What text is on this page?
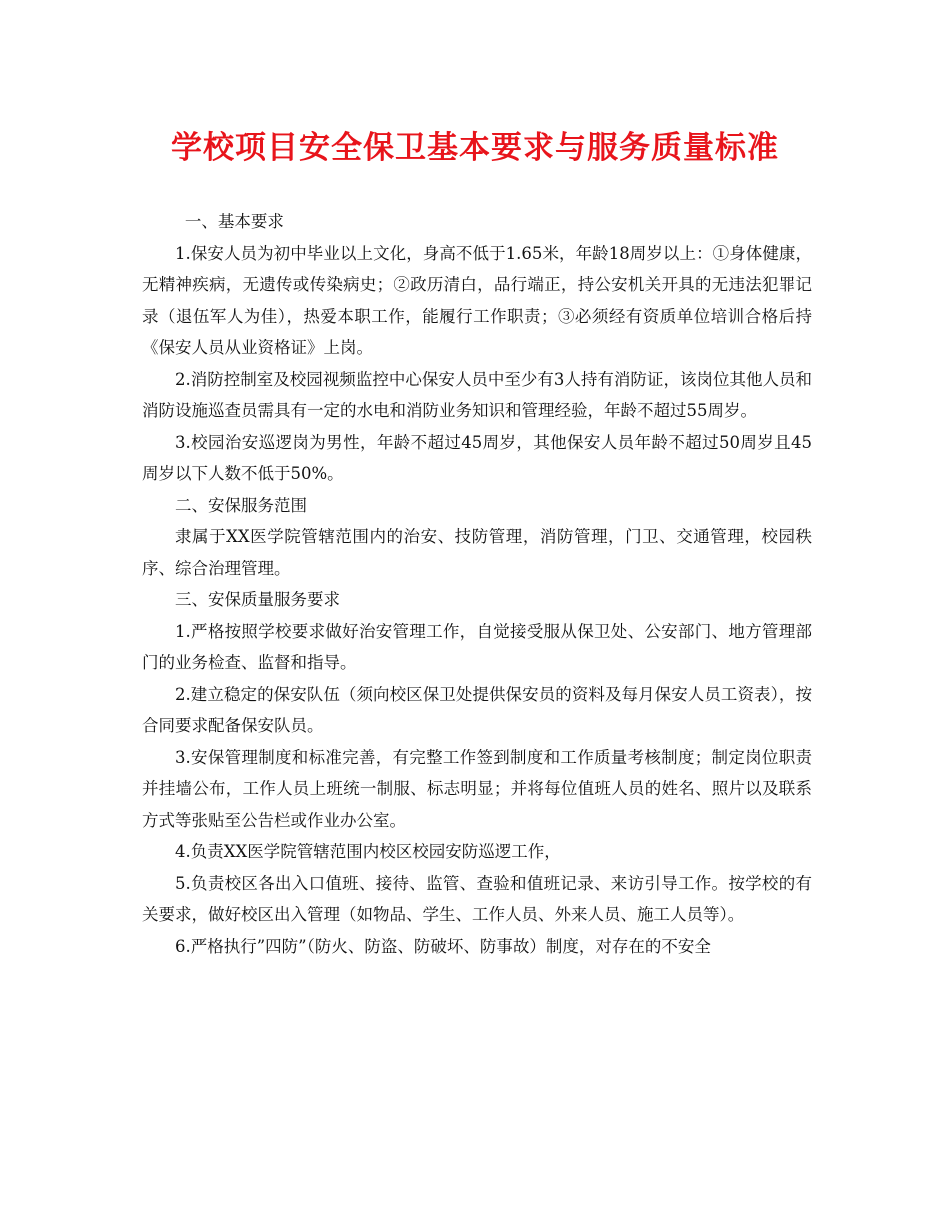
学校项目安全保卫基本要求与服务质量标准

一、基本要求

1.保安人员为初中毕业以上文化，身高不低于1.65米，年龄18周岁以上：①身体健康，无精神疾病，无遗传或传染病史；②政历清白，品行端正，持公安机关开具的无违法犯罪记录（退伍军人为佳），热爱本职工作，能履行工作职责；③必须经有资质单位培训合格后持《保安人员从业资格证》上岗。

2.消防控制室及校园视频监控中心保安人员中至少有3人持有消防证，该岗位其他人员和消防设施巡查员需具有一定的水电和消防业务知识和管理经验，年龄不超过55周岁。

3.校园治安巡逻岗为男性，年龄不超过45周岁，其他保安人员年龄不超过50周岁且45周岁以下人数不低于50%。

二、安保服务范围

隶属于XX医学院管辖范围内的治安、技防管理，消防管理，门卫、交通管理，校园秩序、综合治理管理。

三、安保质量服务要求

1.严格按照学校要求做好治安管理工作，自觉接受服从保卫处、公安部门、地方管理部门的业务检查、监督和指导。

2.建立稳定的保安队伍（须向校区保卫处提供保安员的资料及每月保安人员工资表），按合同要求配备保安队员。

3.安保管理制度和标准完善，有完整工作签到制度和工作质量考核制度；制定岗位职责并挂墙公布，工作人员上班统一制服、标志明显；并将每位值班人员的姓名、照片以及联系方式等张贴至公告栏或作业办公室。

4.负责XX医学院管辖范围内校区校园安防巡逻工作，

5.负责校区各出入口值班、接待、监管、查验和值班记录、来访引导工作。按学校的有关要求，做好校区出入管理（如物品、学生、工作人员、外来人员、施工人员等）。

6.严格执行”四防”（防火、防盗、防破坏、防事故）制度，对存在的不安全
